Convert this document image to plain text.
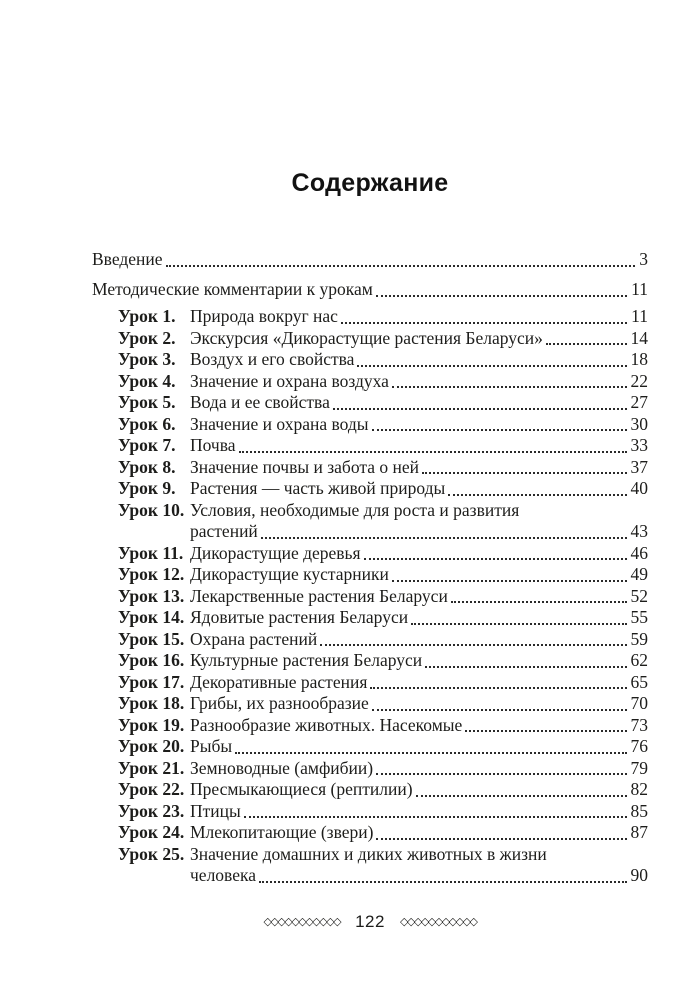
Содержание
Введение	3
Методические комментарии к урокам	11
Урок 1. Природа вокруг нас	11
Урок 2. Экскурсия «Дикорастущие растения Беларуси»	14
Урок 3. Воздух и его свойства	18
Урок 4. Значение и охрана воздуха	22
Урок 5. Вода и ее свойства	27
Урок 6. Значение и охрана воды	30
Урок 7. Почва	33
Урок 8. Значение почвы и забота о ней	37
Урок 9. Растения — часть живой природы	40
Урок 10. Условия, необходимые для роста и развития
растений	43
Урок 11. Дикорастущие деревья	46
Урок 12. Дикорастущие кустарники	49
Урок 13. Лекарственные растения Беларуси	52
Урок 14. Ядовитые растения Беларуси	55
Урок 15. Охрана растений	59
Урок 16. Культурные растения Беларуси	62
Урок 17. Декоративные растения	65
Урок 18. Грибы, их разнообразие	70
Урок 19. Разнообразие животных. Насекомые	73
Урок 20. Рыбы	76
Урок 21. Земноводные (амфибии)	79
Урок 22. Пресмыкающиеся (рептилии)	82
Урок 23. Птицы	85
Урок 24. Млекопитающие (звери)	87
Урок 25. Значение домашних и диких животных в жизни
человека	90
◇◇◇◇◇◇◇◇◇◇◇ 122 ◇◇◇◇◇◇◇◇◇◇◇
